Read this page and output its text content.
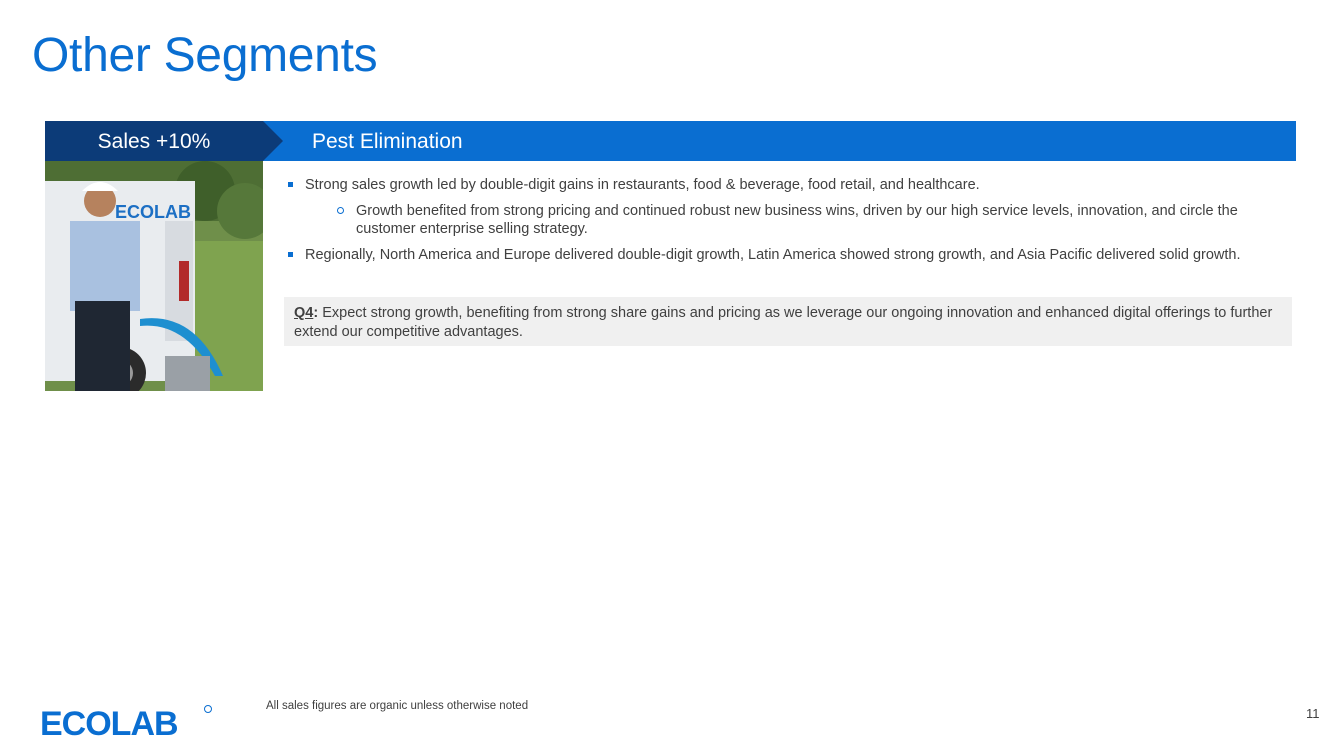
Other Segments
Pest Elimination
Sales +10%
ECOLAB
Strong sales growth led by double-digit gains in restaurants, food & beverage, food retail, and healthcare.
Growth benefited from strong pricing and continued robust new business wins, driven by our high service levels, innovation, and circle the customer enterprise selling strategy.
Regionally, North America and Europe delivered double-digit growth, Latin America showed strong growth, and Asia Pacific delivered solid growth.
Q4: Expect strong growth, benefiting from strong share gains and pricing as we leverage our ongoing innovation and enhanced digital offerings to further extend our competitive advantages.
ECOLAB	All sales figures are organic unless otherwise noted	11
